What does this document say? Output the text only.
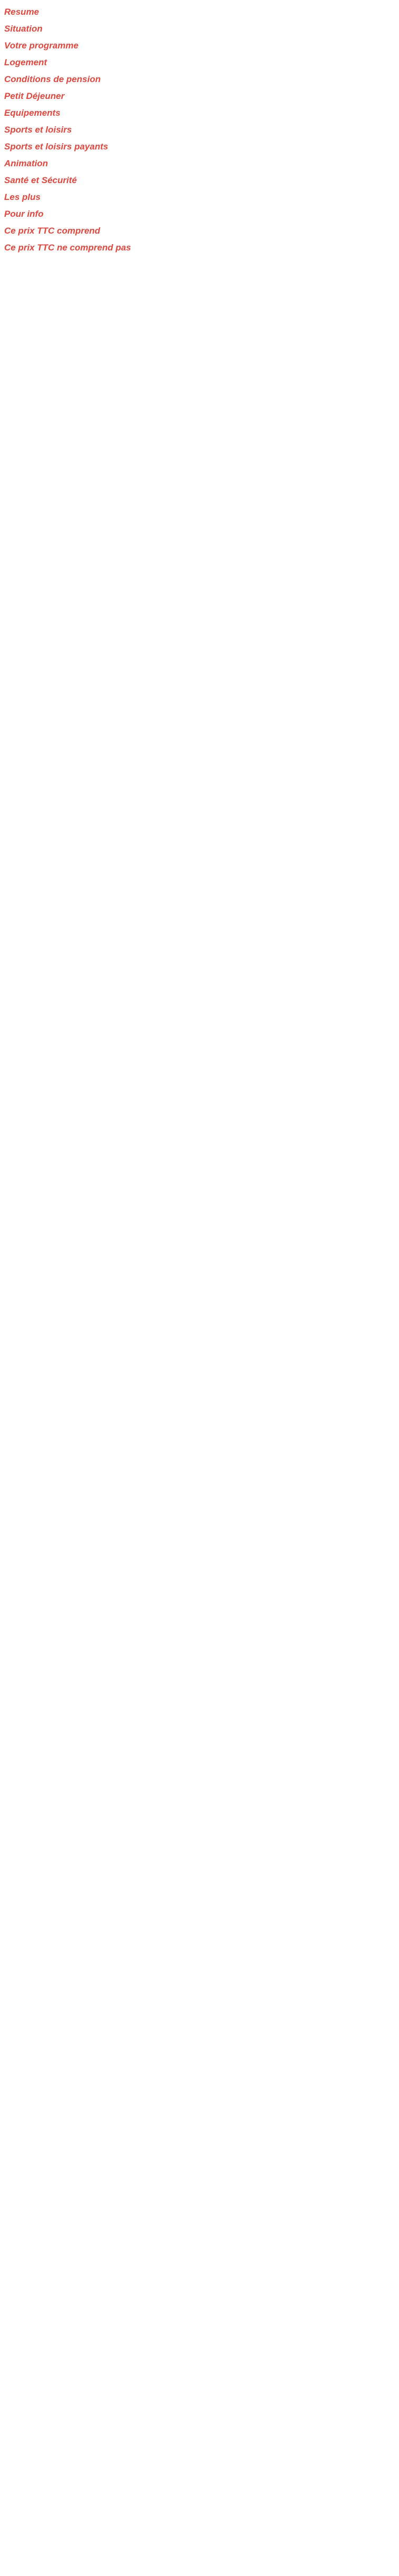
Resume
Situation
Votre programme
Logement
Conditions de pension
Petit Déjeuner
Equipements
Sports et loisirs
Sports et loisirs payants
Animation
Santé et Sécurité
Les plus
Pour info
Ce prix TTC comprend
Ce prix TTC ne comprend pas
